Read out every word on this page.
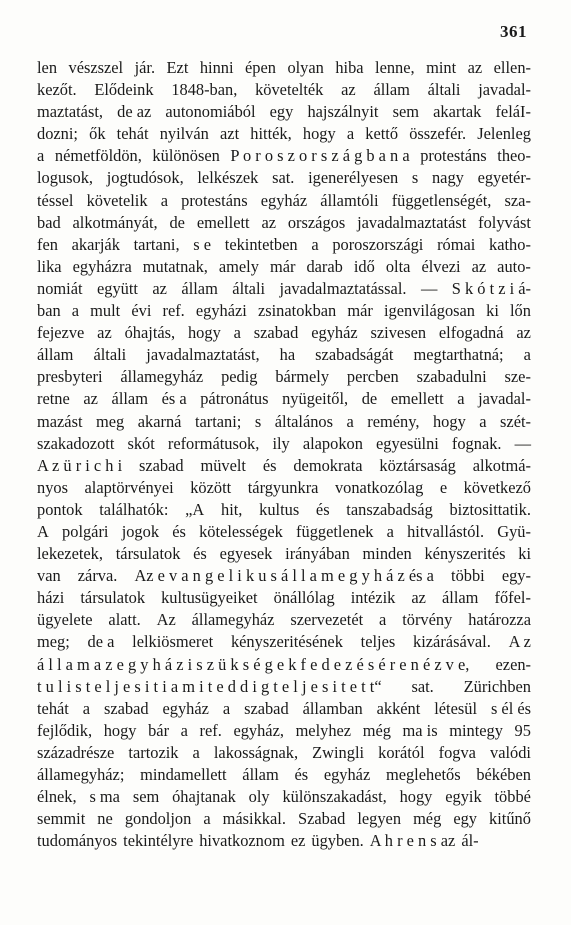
361
len vészszel jár. Ezt hinni épen olyan hiba lenne, mint az ellen-
kezőt. Elődeink 1848-ban, követelték az állam általi javadal-
maztatást, de az autonomiából egy hajszálnyit sem akartak feláI-
dozni; ők tehát nyilván azt hitték, hogy a kettő összefér. Jelenleg
a németföldön, különösen P o r o s z o r s z á g b a n a protestáns theo-
logusok, jogtudósok, lelkészek sat. igenerélyesen s nagy egyetér-
téssel követelik a protestáns egyház államtóli függetlenségét, sza-
bad alkotmányát, de emellett az országos javadalmaztatást folyvást
fen akarják tartani, s e tekintetben a poroszországi római katho-
lika egyházra mutatnak, amely már darab idő olta élvezi az auto-
nomiát együtt az állam általi javadalmaztatással. — S k ó t z i á-
ban a mult évi ref. egyházi zsinatokban már igenvilágosan ki lőn
fejezve az óhajtás, hogy a szabad egyház szivesen elfogadná az
állam általi javadalmaztatást, ha szabadságát megtarthatná; a
presbyteri államegyház pedig bármely percben szabadulni sze-
retne az állam és a pátronátus nyügeitől, de emellett a javadal-
mazást meg akarná tartani; s általános a remény, hogy a szét-
szakadozott skót reformátusok, ily alapokon egyesülni fognak. —
A z ü r i c h i szabad müvelt és demokrata köztársaság alkotmá-
nyos alaptörvényei között tárgyunkra vonatkozólag e következő
pontok találhatók: „A hit, kultus és tanszabadság biztosittatik.
A polgári jogok és kötelességek függetlenek a hitvallástól. Gyü-
lekezetek, társulatok és egyesek irányában minden kényszerités ki
van zárva. Az e v a n g e l i k u s á l l a m e g y h á z és a többi egy-
házi társulatok kultusügyeiket önállólag intézik az állam főfel-
ügyelete alatt. Az államegyház szervezetét a törvény határozza
meg; de a lelkiösmeret kényszeritésének teljes kizárásával. A z
á l l a m a z e g y h á z i s z ü k s é g e k f e d e z é s é r e n é z v e, ezen-
t u l i s t e l j e s i t i a m i t e d d i g t e l j e s i t e t t“ sat. Zürichben
tehát a szabad egyház a szabad államban akként létesül s él és
fejlődik, hogy bár a ref. egyház, melyhez még ma is mintegy 95
századrésze tartozik a lakosságnak, Zwingli korától fogva valódi
államegyház; mindamellett állam és egyház meglehetős békében
élnek, s ma sem óhajtanak oly különszakadást, hogy egyik többé
semmit ne gondoljon a másikkal. Szabad legyen még egy kitűnő
tudományos tekintélyre hivatkoznom ez ügyben. A h r e n s az ál-
